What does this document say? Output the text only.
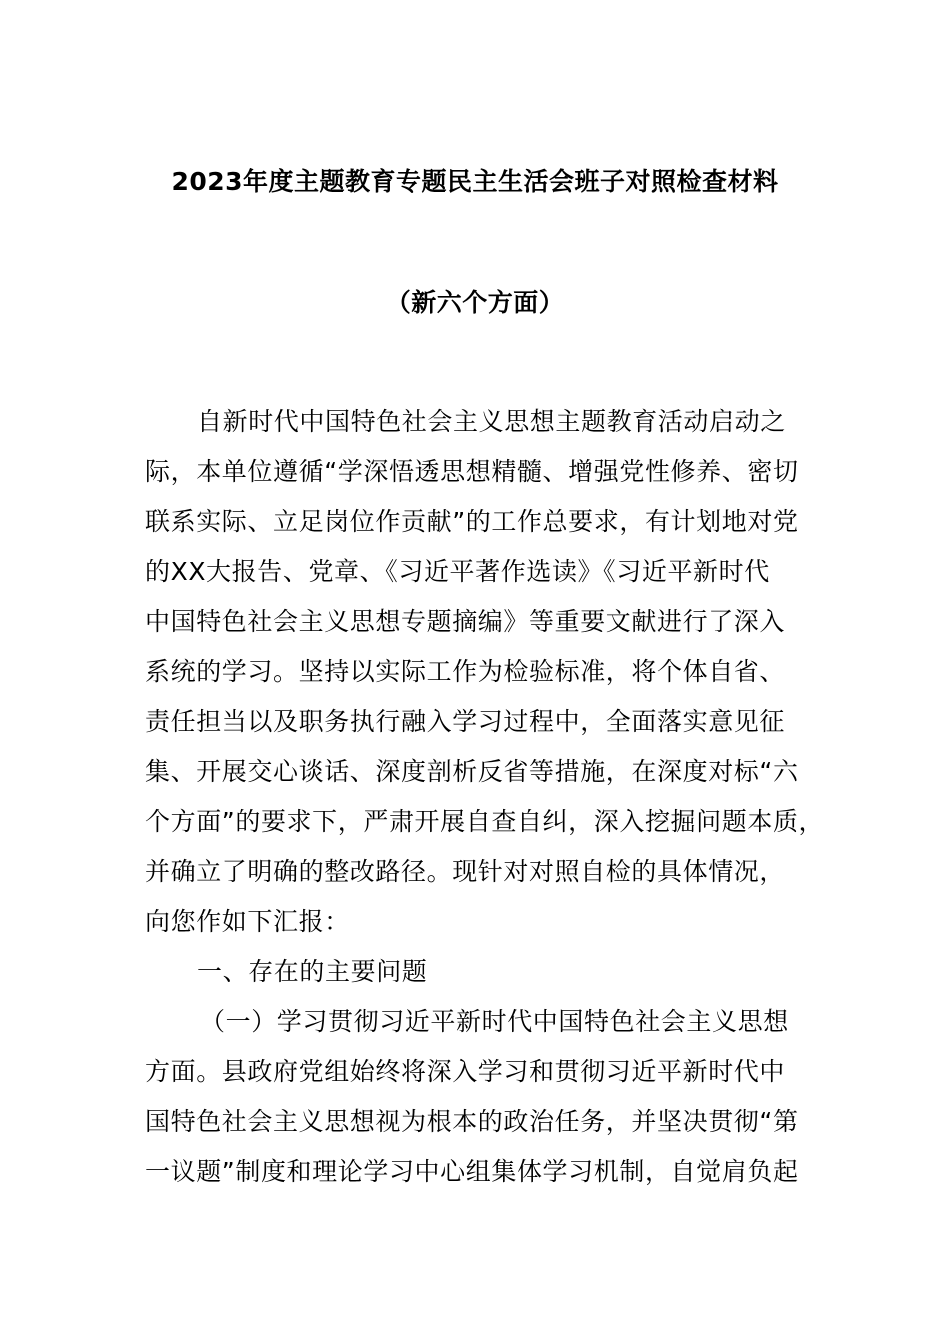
2023年度主题教育专题民主生活会班子对照检查材料
（新六个方面）
自新时代中国特色社会主义思想主题教育活动启动之
际，本单位遵循“学深悟透思想精髓、增强党性修养、密切
联系实际、立足岗位作贡献”的工作总要求，有计划地对党
的XX大报告、党章、《习近平著作选读》《习近平新时代
中国特色社会主义思想专题摘编》等重要文献进行了深入
系统的学习。坚持以实际工作为检验标准，将个体自省、
责任担当以及职务执行融入学习过程中，全面落实意见征
集、开展交心谈话、深度剖析反省等措施，在深度对标“六
个方面”的要求下，严肃开展自查自纠，深入挖掘问题本质，
并确立了明确的整改路径。现针对对照自检的具体情况，
向您作如下汇报：
一、存在的主要问题
（一）学习贯彻习近平新时代中国特色社会主义思想
方面。县政府党组始终将深入学习和贯彻习近平新时代中
国特色社会主义思想视为根本的政治任务，并坚决贯彻“第
一议题”制度和理论学习中心组集体学习机制，自觉肩负起
